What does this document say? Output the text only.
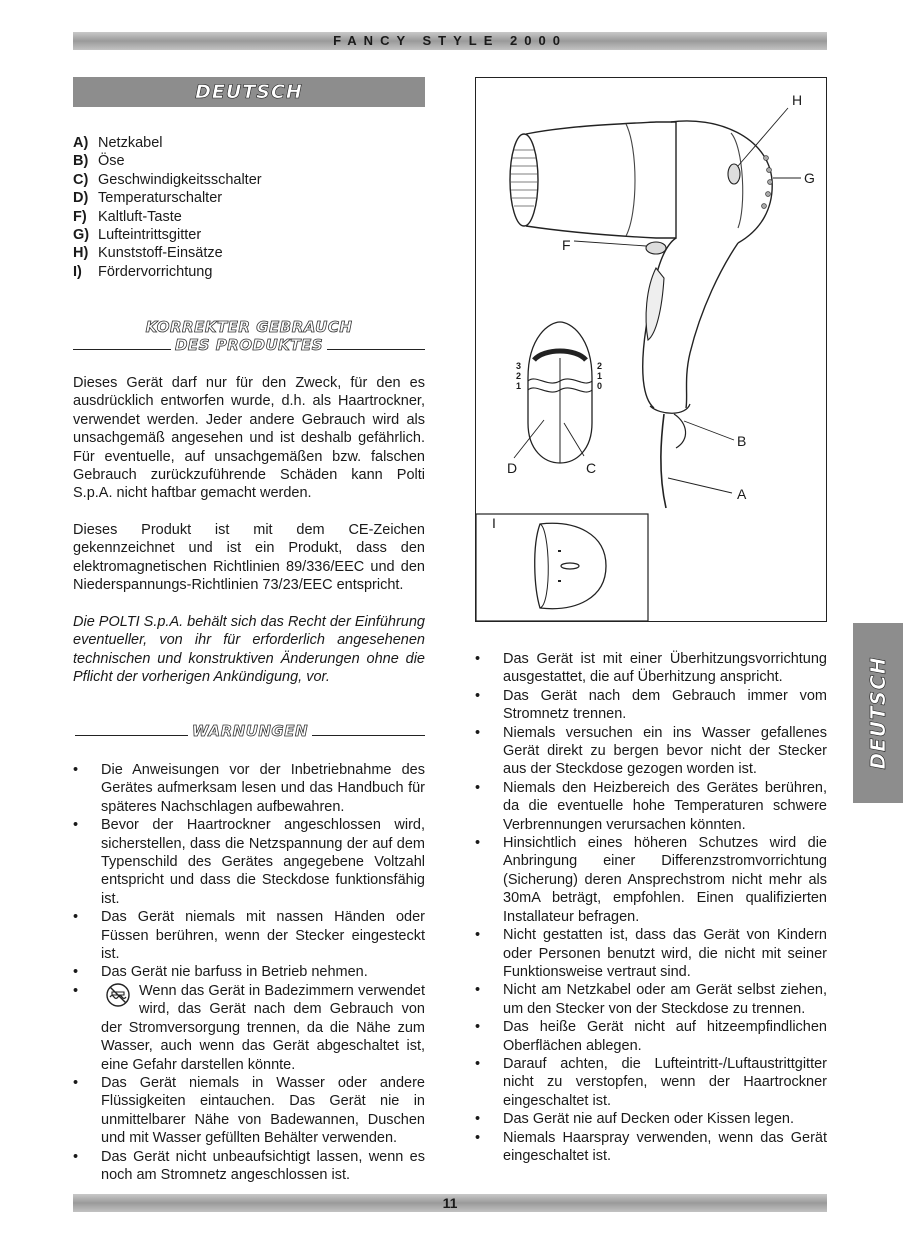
FANCY STYLE 2000
DEUTSCH
A) Netzkabel
B) Öse
C) Geschwindigkeitsschalter
D) Temperaturschalter
F) Kaltluft-Taste
G) Lufteintrittsgitter
H) Kunststoff-Einsätze
I)	Fördervorrichtung
KORREKTER GEBRAUCH
DES PRODUKTES
Dieses Gerät darf nur für den Zweck, für den es ausdrücklich entworfen wurde, d.h. als Haartrockner, verwendet werden. Jeder andere Gebrauch wird als unsachgemäß angesehen und ist deshalb gefährlich. Für eventuelle, auf unsachgemäßen bzw. falschen Gebrauch zurückzuführende Schäden kann Polti S.p.A. nicht haftbar gemacht werden.
Dieses Produkt ist mit dem CE-Zeichen gekennzeichnet und ist ein Produkt, dass den elektromagnetischen Richtlinien 89/336/EEC und den Niederspannungs-Richtlinien 73/23/EEC entspricht.
Die POLTI S.p.A. behält sich das Recht der Einführung eventueller, von ihr für erforderlich angesehenen technischen und konstruktiven Änderungen ohne die Pflicht der vorherigen Ankündigung, vor.
WARNUNGEN
• Die Anweisungen vor der Inbetriebnahme des Gerätes aufmerksam lesen und das Handbuch für späteres Nachschlagen aufbewahren.
• Bevor der Haartrockner angeschlossen wird, sicherstellen, dass die Netzspannung der auf dem Typenschild des Gerätes angegebene Voltzahl entspricht und dass die Steckdose funktionsfähig ist.
• Das Gerät niemals mit nassen Händen oder Füssen berühren, wenn der Stecker eingesteckt ist.
• Das Gerät nie barfuss in Betrieb nehmen.
•	Wenn das Gerät in Badezimmern verwendet wird, das Gerät nach dem Gebrauch von der Stromversorgung trennen, da die Nähe zum Wasser, auch wenn das Gerät abgeschaltet ist, eine Gefahr darstellen könnte.
• Das Gerät niemals in Wasser oder andere Flüssigkeiten eintauchen. Das Gerät nie in unmittelbarer Nähe von Badewannen, Duschen und mit Wasser gefüllten Behälter verwenden.
• Das Gerät nicht unbeaufsichtigt lassen, wenn es noch am Stromnetz angeschlossen ist.
H
G
F
B
A
D	C
I
3
2
1
2
1
0
• Das Gerät ist mit einer Überhitzungsvorrichtung ausgestattet, die auf Überhitzung anspricht.
• Das Gerät nach dem Gebrauch immer vom Stromnetz trennen.
• Niemals versuchen ein ins Wasser gefallenes Gerät direkt zu bergen bevor nicht der Stecker aus der Steckdose gezogen worden ist.
• Niemals den Heizbereich des Gerätes berühren, da die eventuelle hohe Temperaturen schwere Verbrennungen verursachen könnten.
• Hinsichtlich eines höheren Schutzes wird die Anbringung einer Differenzstromvorrichtung (Sicherung) deren Ansprechstrom nicht mehr als 30mA beträgt, empfohlen. Einen qualifizierten Installateur befragen.
• Nicht gestatten ist, dass das Gerät von Kindern oder Personen benutzt wird, die nicht mit seiner Funktionsweise vertraut sind.
• Nicht am Netzkabel oder am Gerät selbst ziehen, um den Stecker von der Steckdose zu trennen.
• Das heiße Gerät nicht auf hitzeempfindlichen Oberflächen ablegen.
• Darauf achten, die Lufteintritt-/Luftaustrittgitter nicht zu verstopfen, wenn der Haartrockner eingeschaltet ist.
• Das Gerät nie auf Decken oder Kissen legen.
• Niemals Haarspray verwenden, wenn das Gerät eingeschaltet ist.
DEUTSCH
11
